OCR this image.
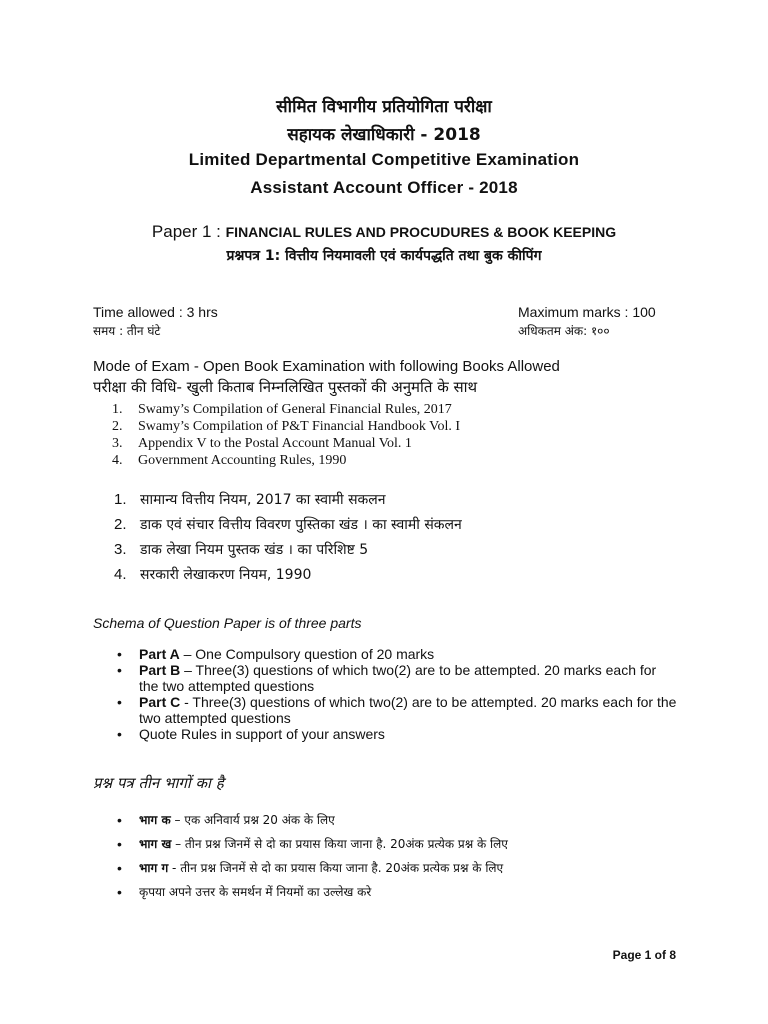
सीमित विभागीय प्रतियोगिता परीक्षा
सहायक लेखाधिकारी - 2018
Limited Departmental Competitive Examination
Assistant Account Officer - 2018
Paper 1 : FINANCIAL RULES AND PROCUDURES & BOOK KEEPING
प्रश्नपत्र 1: वित्तीय नियमावली एवं कार्यपद्धति तथा बुक कीपिंग
Time allowed : 3 hrs
समय : तीन घंटे
Maximum marks : 100
अधिकतम अंक: १००
Mode of Exam - Open Book Examination with following Books Allowed
परीक्षा की विधि- खुली किताब निम्नलिखित पुस्तकों की अनुमति के साथ
1. Swamy’s Compilation of General Financial Rules, 2017
2. Swamy’s Compilation of P&T Financial Handbook Vol. I
3. Appendix V to the Postal Account Manual Vol. 1
4. Government Accounting Rules, 1990
1. सामान्य वित्तीय नियम, 2017 का स्वामी सकलन
2. डाक एवं संचार वित्तीय विवरण पुस्तिका खंड । का स्वामी संकलन
3. डाक लेखा नियम पुस्तक खंड । का परिशिष्ट 5
4. सरकारी लेखाकरण नियम, 1990
Schema of Question Paper is of three parts
• Part A – One Compulsory question of 20 marks
• Part B – Three(3) questions of which two(2) are to be attempted. 20 marks each for the two attempted questions
• Part C - Three(3) questions of which two(2) are to be attempted. 20 marks each for the two attempted questions
• Quote Rules in support of your answers
प्रश्न पत्र तीन भागों का है
• भाग क – एक अनिवार्य प्रश्न 20 अंक के लिए
• भाग ख – तीन प्रश्न जिनमें से दो का प्रयास किया जाना है. 20अंक प्रत्येक प्रश्न के लिए
• भाग ग - तीन प्रश्न जिनमें से दो का प्रयास किया जाना है. 20अंक प्रत्येक प्रश्न के लिए
• कृपया अपने उत्तर के समर्थन में नियमों का उल्लेख करे
Page 1 of 8
